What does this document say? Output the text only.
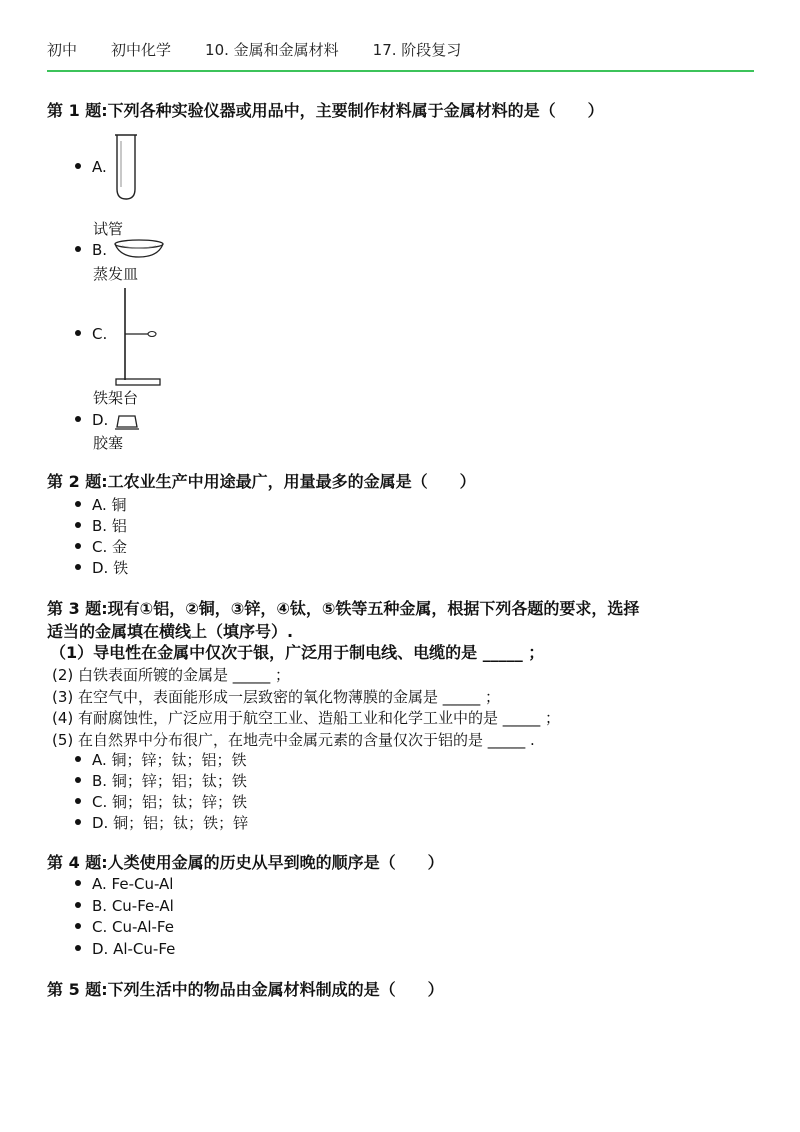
初中 初中化学 10. 金属和金属材料 17. 阶段复习
第 1 题:下列各种实验仪器或用品中，主要制作材料属于金属材料的是（　　）
A.
试管
B.
蒸发皿
C.
铁架台
D.
胶塞
第 2 题:工农业生产中用途最广，用量最多的金属是（　　）
A. 铜
B. 铝
C. 金
D. 铁
第 3 题:现有①铝，②铜，③锌，④钛，⑤铁等五种金属，根据下列各题的要求，选择
适当的金属填在横线上（填序号）.
（1）导电性在金属中仅次于银，广泛用于制电线、电缆的是 _____ ；
(2) 白铁表面所镀的金属是 _____ ；
(3) 在空气中，表面能形成一层致密的氧化物薄膜的金属是 _____ ；
(4) 有耐腐蚀性，广泛应用于航空工业、造船工业和化学工业中的是 _____ ；
(5) 在自然界中分布很广，在地壳中金属元素的含量仅次于铝的是 _____ .
A. 铜；锌；钛；铝；铁
B. 铜；锌；铝；钛；铁
C. 铜；铝；钛；锌；铁
D. 铜；铝；钛；铁；锌
第 4 题:人类使用金属的历史从早到晚的顺序是（　　）
A. Fe-Cu-Al
B. Cu-Fe-Al
C. Cu-Al-Fe
D. Al-Cu-Fe
第 5 题:下列生活中的物品由金属材料制成的是（　　）
